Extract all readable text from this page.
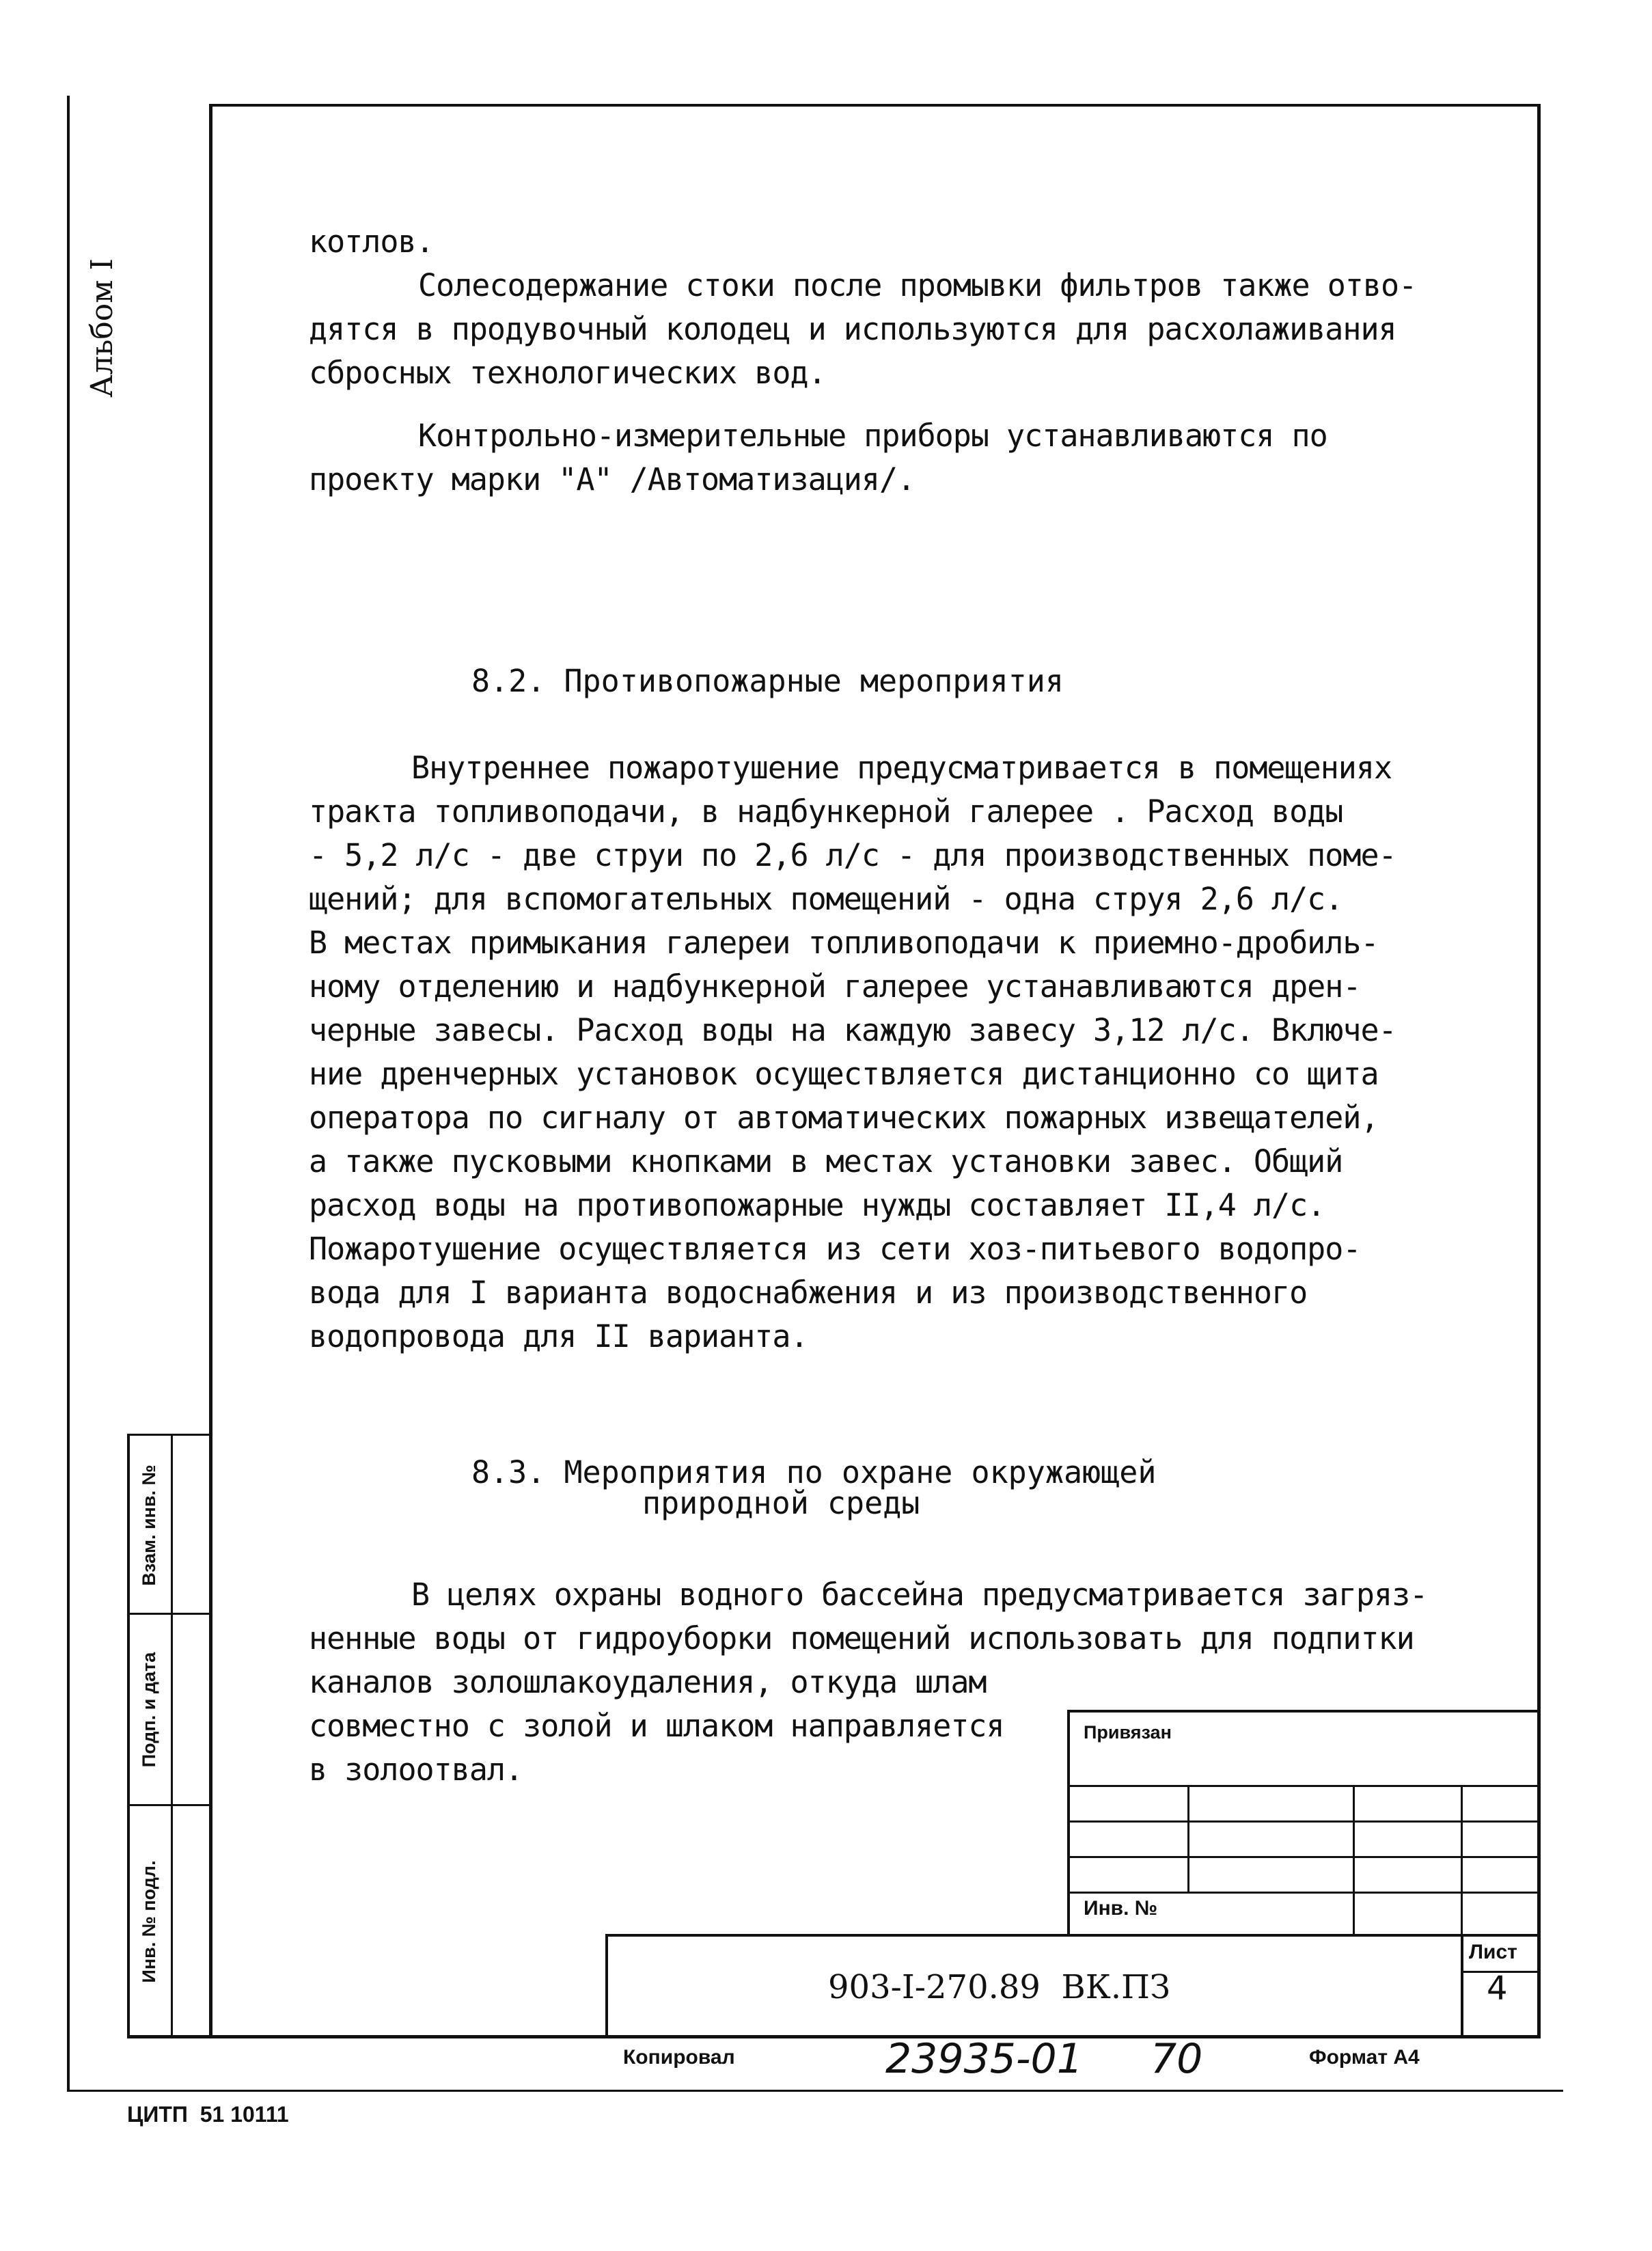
Альбом I
Взам. инв. №
Подп. и дата
Инв. № подл.
котлов.
Солесодержание стоки после промывки фильтров также отво-
дятся в продувочный колодец и используются для расхолаживания
сбросных технологических вод.
Контрольно-измерительные приборы устанавливаются по
проекту марки "А" /Автоматизация/.
8.2. Противопожарные мероприятия
Внутреннее пожаротушение предусматривается в помещениях
тракта топливоподачи, в надбункерной галерее . Расход воды
- 5,2 л/с - две струи по 2,6 л/с - для производственных поме-
щений; для вспомогательных помещений - одна струя 2,6 л/с.
В местах примыкания галереи топливоподачи к приемно-дробиль-
ному отделению и надбункерной галерее устанавливаются дрен-
черные завесы. Расход воды на каждую завесу 3,12 л/с. Включе-
ние дренчерных установок осуществляется дистанционно со щита
оператора по сигналу от автоматических пожарных извещателей,
а также пусковыми кнопками в местах установки завес. Общий
расход воды на противопожарные нужды составляет II,4 л/с.
Пожаротушение осуществляется из сети хоз-питьевого водопро-
вода для I варианта водоснабжения и из производственного
водопровода для II варианта.
8.3. Мероприятия по охране окружающей
природной среды
В целях охраны водного бассейна предусматривается загряз-
ненные воды от гидроуборки помещений использовать для подпитки
каналов золошлакоудаления, откуда шлам
совместно с золой и шлаком направляется
в золоотвал.
Привязан
Инв. №
903-I-270.89  ВК.ПЗ
Лист
4
Копировал	23935-01 70	Формат А4
ЦИТП  51 10111
